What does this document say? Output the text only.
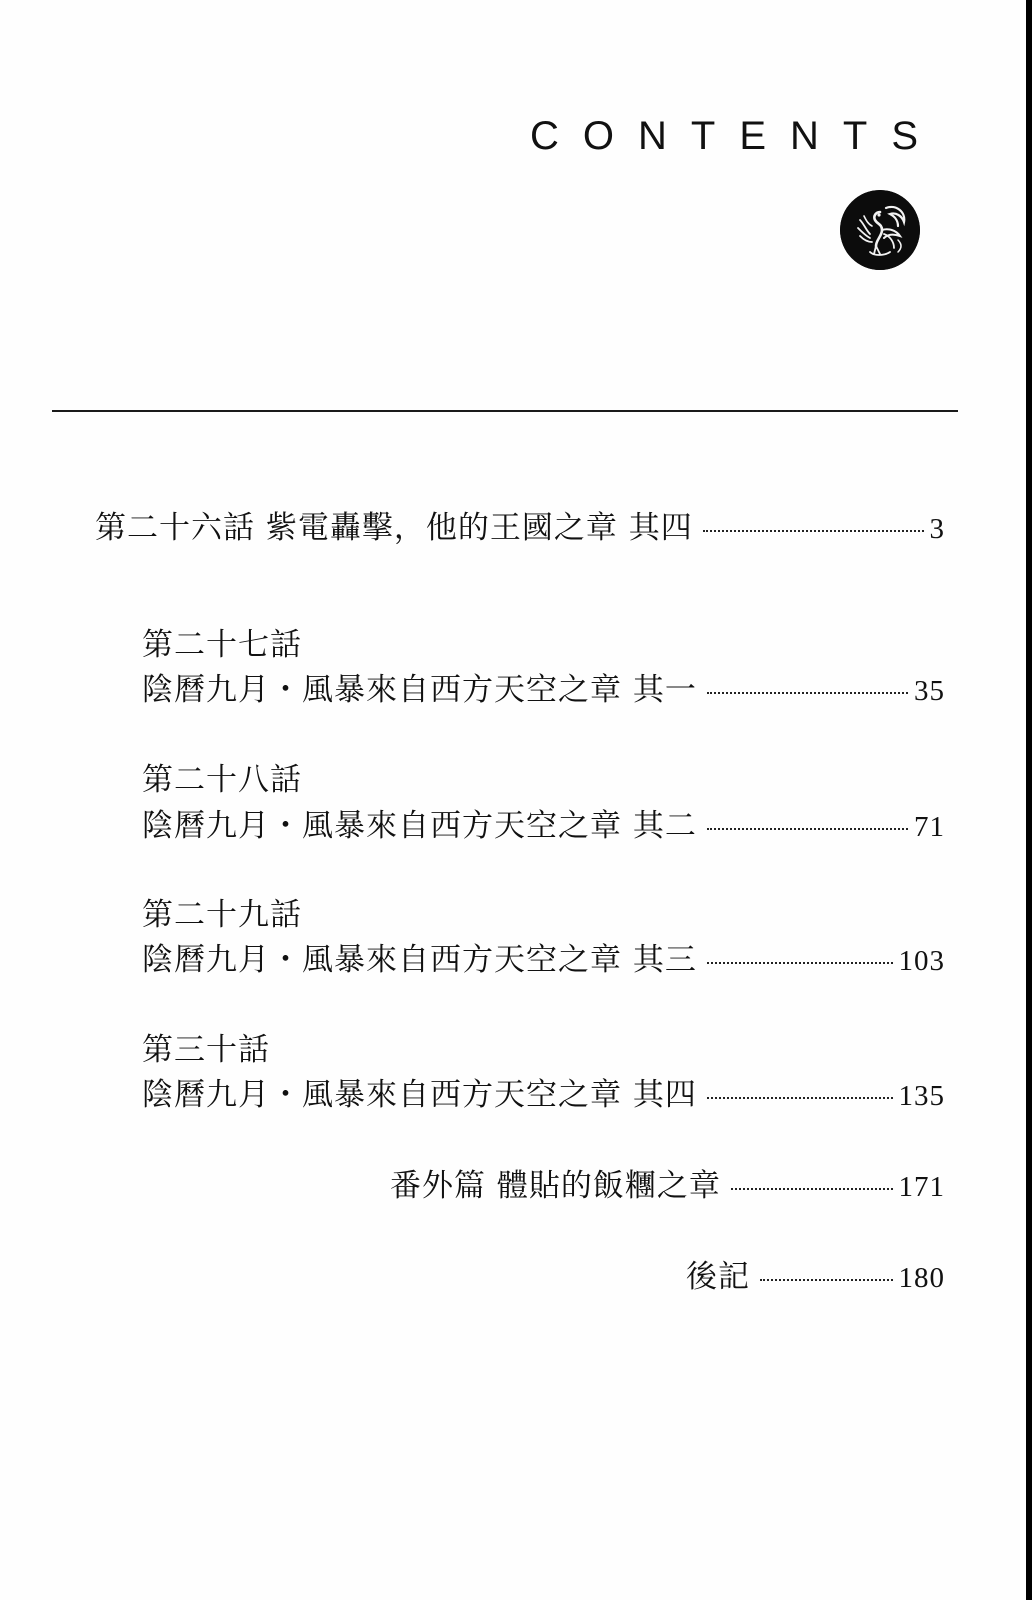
CONTENTS
第二十六話 紫電轟擊，他的王國之章 其四	3
第二十七話
陰曆九月・風暴來自西方天空之章 其一	35
第二十八話
陰曆九月・風暴來自西方天空之章 其二	71
第二十九話
陰曆九月・風暴來自西方天空之章 其三	103
第三十話
陰曆九月・風暴來自西方天空之章 其四	135
番外篇 體貼的飯糰之章	171
後記	180
